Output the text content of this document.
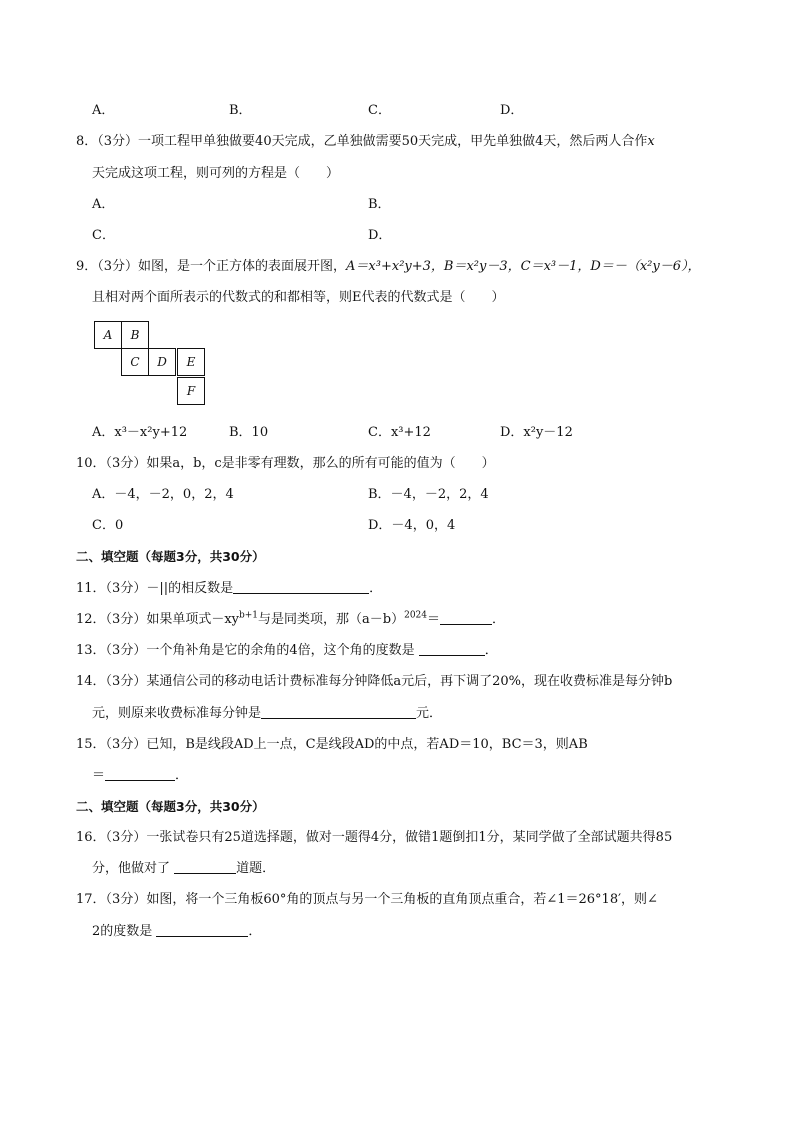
A．	B．	C．	D．
8．（3分）一项工程甲单独做要40天完成，乙单独做需要50天完成，甲先单独做4天，然后两人合作x
天完成这项工程，则可列的方程是（　　）
A．	B．
C．	D．
9．（3分）如图，是一个正方体的表面展开图，A＝x³+x²y+3，B＝x²y－3，C＝x³－1，D＝－（x²y－6），
且相对两个面所表示的代数式的和都相等，则E代表的代数式是（　　）
A	B
C	D	E
F
A．x³－x²y+12	B．10	C．x³+12	D．x²y－12
10．（3分）如果a，b，c是非零有理数，那么的所有可能的值为（　　）
A．－4，－2，0，2，4	B．－4，－2，2，4
C．0	D．－4，0，4
二、填空题（每题3分，共30分）
11．（3分）－||的相反数是	．
12．（3分）如果单项式$-xy^{b+1}$与是同类项，那$(a-b)^{2024}=$	．
13．（3分）一个角补角是它的余角的4倍，这个角的度数是	．
14．（3分）某通信公司的移动电话计费标准每分钟降低a元后，再下调了20%，现在收费标准是每分钟b
元，则原来收费标准每分钟是	元．
15．（3分）已知，B是线段AD上一点，C是线段AD的中点，若AD＝10，BC＝3，则AB
＝	．
二、填空题（每题3分，共30分）
16．（3分）一张试卷只有25道选择题，做对一题得4分，做错1题倒扣1分，某同学做了全部试题共得85
分，他做对了	道题．
17．（3分）如图，将一个三角板60°角的顶点与另一个三角板的直角顶点重合，若∠1＝26°18′，则∠
2的度数是	．
